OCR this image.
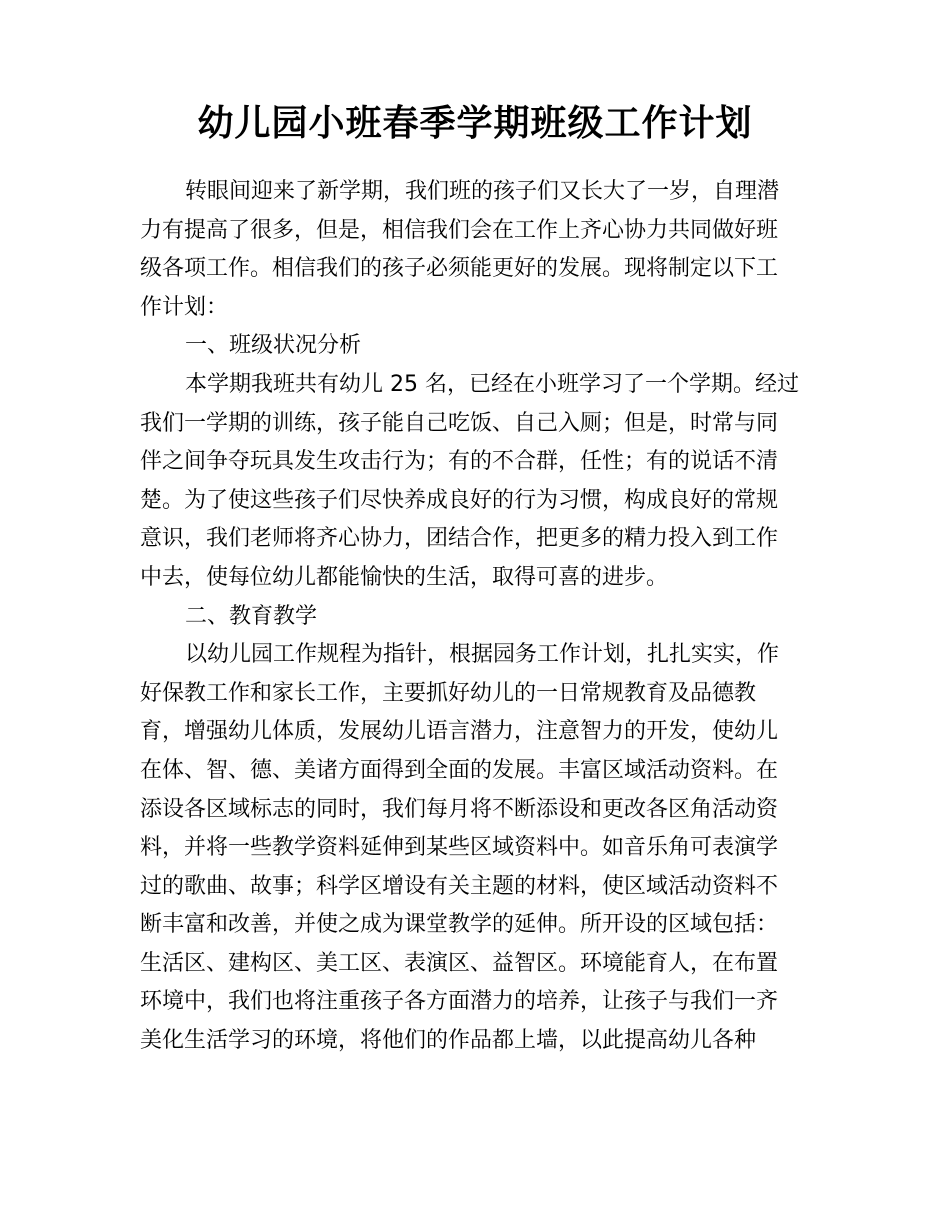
幼儿园小班春季学期班级工作计划
转眼间迎来了新学期，我们班的孩子们又长大了一岁，自理潜
力有提高了很多，但是，相信我们会在工作上齐心协力共同做好班
级各项工作。相信我们的孩子必须能更好的发展。现将制定以下工
作计划：
一、班级状况分析
本学期我班共有幼儿 25 名，已经在小班学习了一个学期。经过
我们一学期的训练，孩子能自己吃饭、自己入厕；但是，时常与同
伴之间争夺玩具发生攻击行为；有的不合群，任性；有的说话不清
楚。为了使这些孩子们尽快养成良好的行为习惯，构成良好的常规
意识，我们老师将齐心协力，团结合作，把更多的精力投入到工作
中去，使每位幼儿都能愉快的生活，取得可喜的进步。
二、教育教学
以幼儿园工作规程为指针，根据园务工作计划，扎扎实实，作
好保教工作和家长工作，主要抓好幼儿的一日常规教育及品德教
育，增强幼儿体质，发展幼儿语言潜力，注意智力的开发，使幼儿
在体、智、德、美诸方面得到全面的发展。丰富区域活动资料。在
添设各区域标志的同时，我们每月将不断添设和更改各区角活动资
料，并将一些教学资料延伸到某些区域资料中。如音乐角可表演学
过的歌曲、故事；科学区增设有关主题的材料，使区域活动资料不
断丰富和改善，并使之成为课堂教学的延伸。所开设的区域包括：
生活区、建构区、美工区、表演区、益智区。环境能育人，在布置
环境中，我们也将注重孩子各方面潜力的培养，让孩子与我们一齐
美化生活学习的环境，将他们的作品都上墙，以此提高幼儿各种
